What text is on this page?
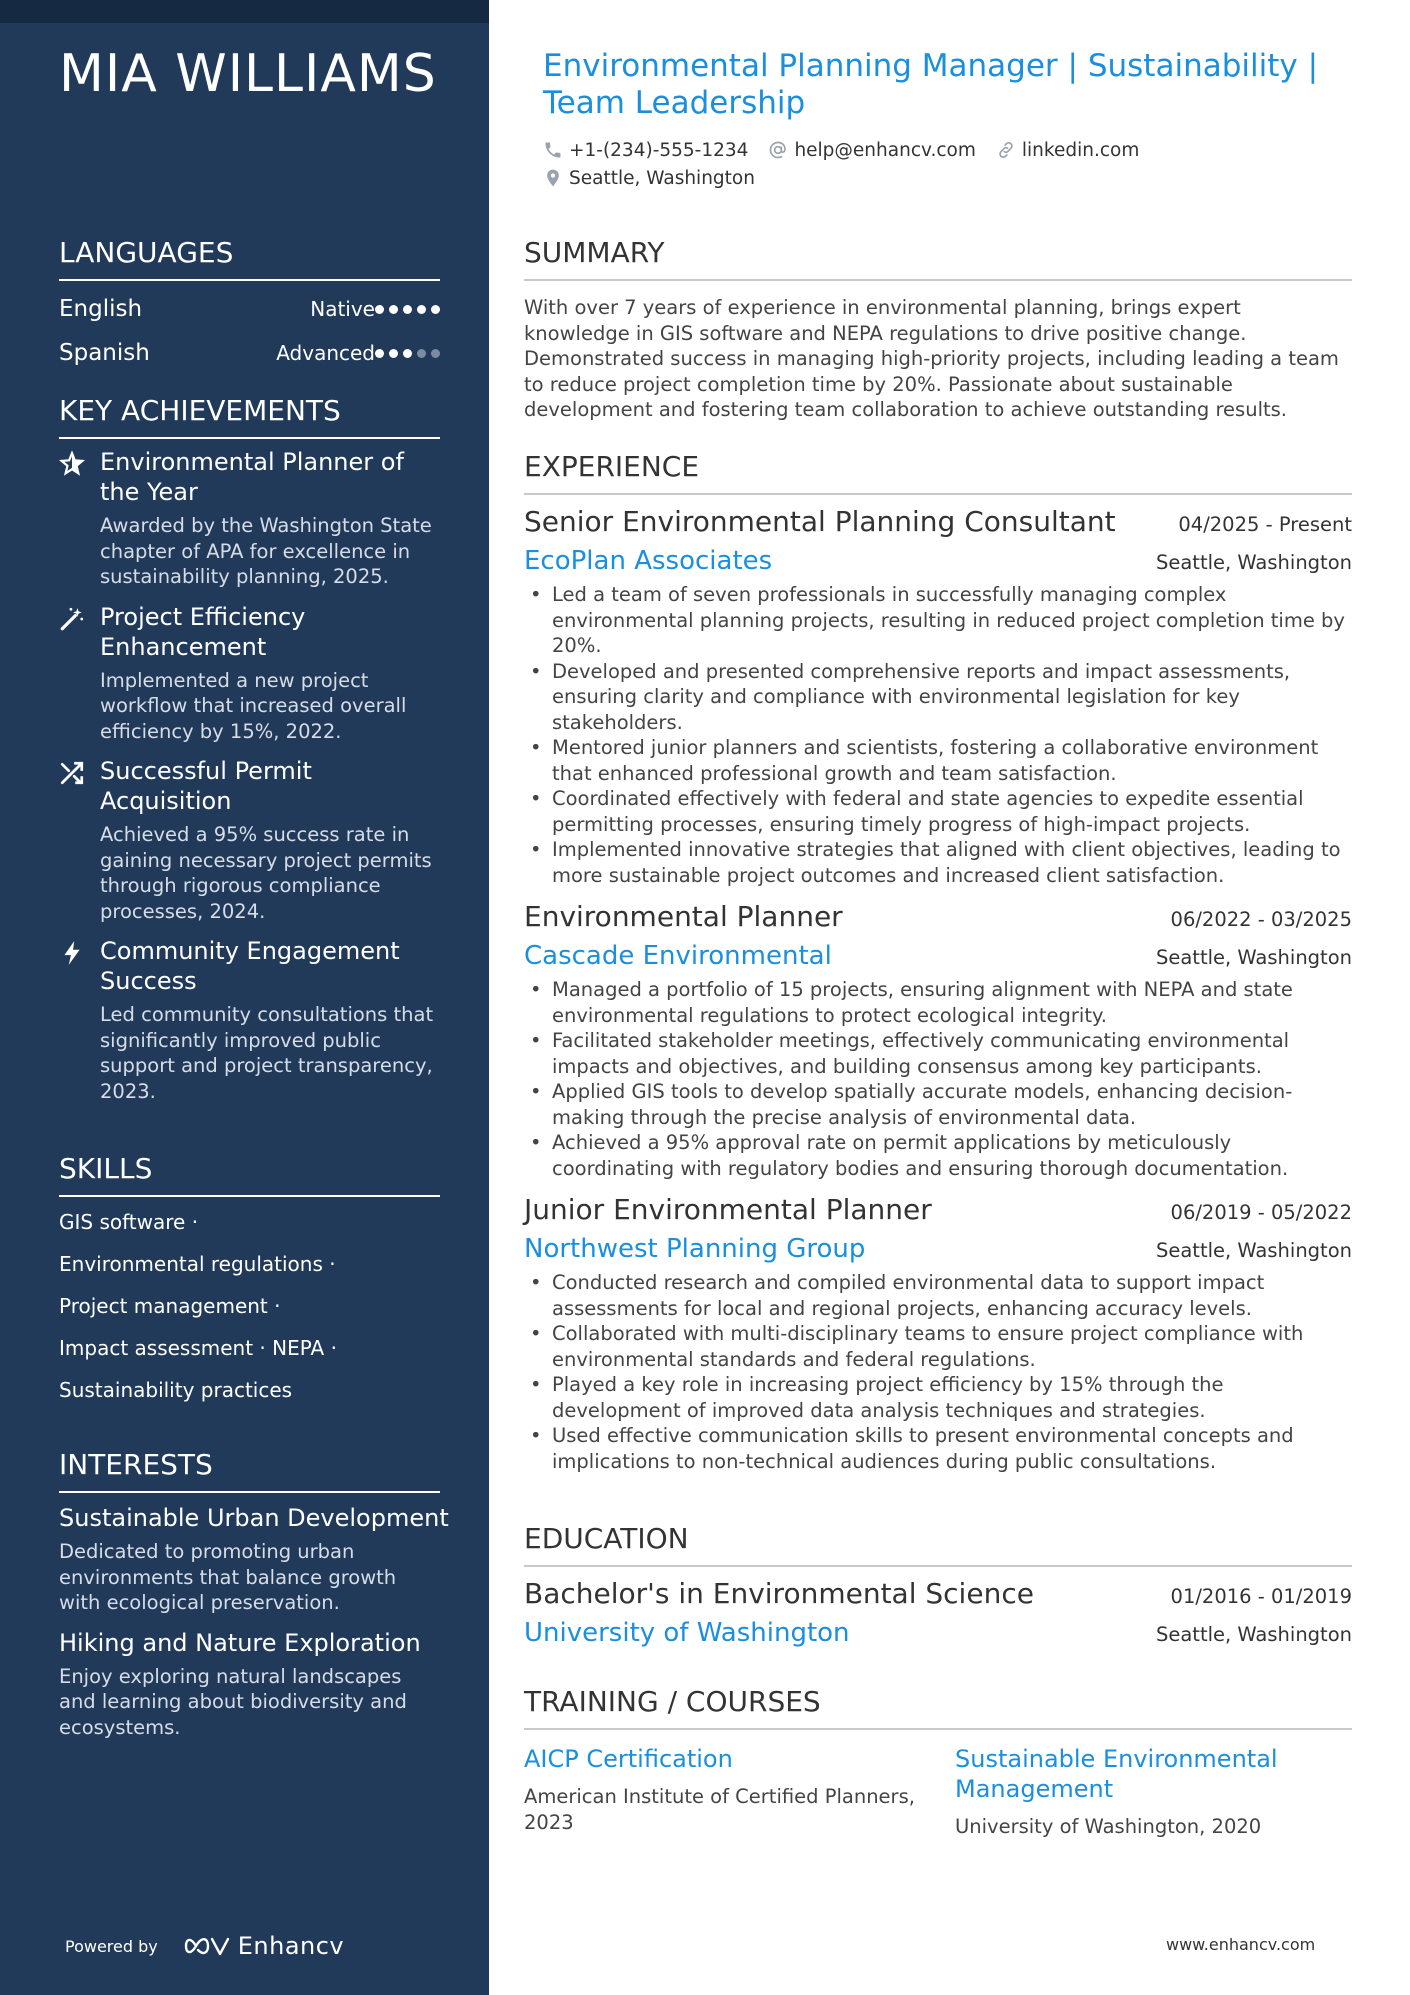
MIA WILLIAMS
LANGUAGES
English	Native
Spanish	Advanced
KEY ACHIEVEMENTS
Environmental Planner of the Year
Awarded by the Washington State chapter of APA for excellence in sustainability planning, 2025.
Project Efficiency Enhancement
Implemented a new project workflow that increased overall efficiency by 15%, 2022.
Successful Permit Acquisition
Achieved a 95% success rate in gaining necessary project permits through rigorous compliance processes, 2024.
Community Engagement Success
Led community consultations that significantly improved public support and project transparency, 2023.
SKILLS
GIS software ·
Environmental regulations ·
Project management ·
Impact assessment · NEPA ·
Sustainability practices
INTERESTS
Sustainable Urban Development
Dedicated to promoting urban environments that balance growth with ecological preservation.
Hiking and Nature Exploration
Enjoy exploring natural landscapes and learning about biodiversity and ecosystems.
Powered by	Enhancv
Environmental Planning Manager | Sustainability | Team Leadership
+1-(234)-555-1234 help@enhancv.com linkedin.com
Seattle, Washington
SUMMARY

With over 7 years of experience in environmental planning, brings expert knowledge in GIS software and NEPA regulations to drive positive change. Demonstrated success in managing high-priority projects, including leading a team to reduce project completion time by 20%. Passionate about sustainable development and fostering team collaboration to achieve outstanding results.

EXPERIENCE
Senior Environmental Planning Consultant	04/2025 - Present
EcoPlan Associates	Seattle, Washington
• Led a team of seven professionals in successfully managing complex environmental planning projects, resulting in reduced project completion time by 20%.
• Developed and presented comprehensive reports and impact assessments, ensuring clarity and compliance with environmental legislation for key stakeholders.
• Mentored junior planners and scientists, fostering a collaborative environment that enhanced professional growth and team satisfaction.
• Coordinated effectively with federal and state agencies to expedite essential permitting processes, ensuring timely progress of high-impact projects.
• Implemented innovative strategies that aligned with client objectives, leading to more sustainable project outcomes and increased client satisfaction.
Environmental Planner	06/2022 - 03/2025
Cascade Environmental	Seattle, Washington
• Managed a portfolio of 15 projects, ensuring alignment with NEPA and state environmental regulations to protect ecological integrity.
• Facilitated stakeholder meetings, effectively communicating environmental impacts and objectives, and building consensus among key participants.
• Applied GIS tools to develop spatially accurate models, enhancing decision-making through the precise analysis of environmental data.
• Achieved a 95% approval rate on permit applications by meticulously coordinating with regulatory bodies and ensuring thorough documentation.
Junior Environmental Planner	06/2019 - 05/2022
Northwest Planning Group	Seattle, Washington
• Conducted research and compiled environmental data to support impact assessments for local and regional projects, enhancing accuracy levels.
• Collaborated with multi-disciplinary teams to ensure project compliance with environmental standards and federal regulations.
• Played a key role in increasing project efficiency by 15% through the development of improved data analysis techniques and strategies.
• Used effective communication skills to present environmental concepts and implications to non-technical audiences during public consultations.
EDUCATION
Bachelor's in Environmental Science	01/2016 - 01/2019
University of Washington	Seattle, Washington
TRAINING / COURSES
AICP Certification
American Institute of Certified Planners, 2023
Sustainable Environmental Management
University of Washington, 2020
www.enhancv.com
